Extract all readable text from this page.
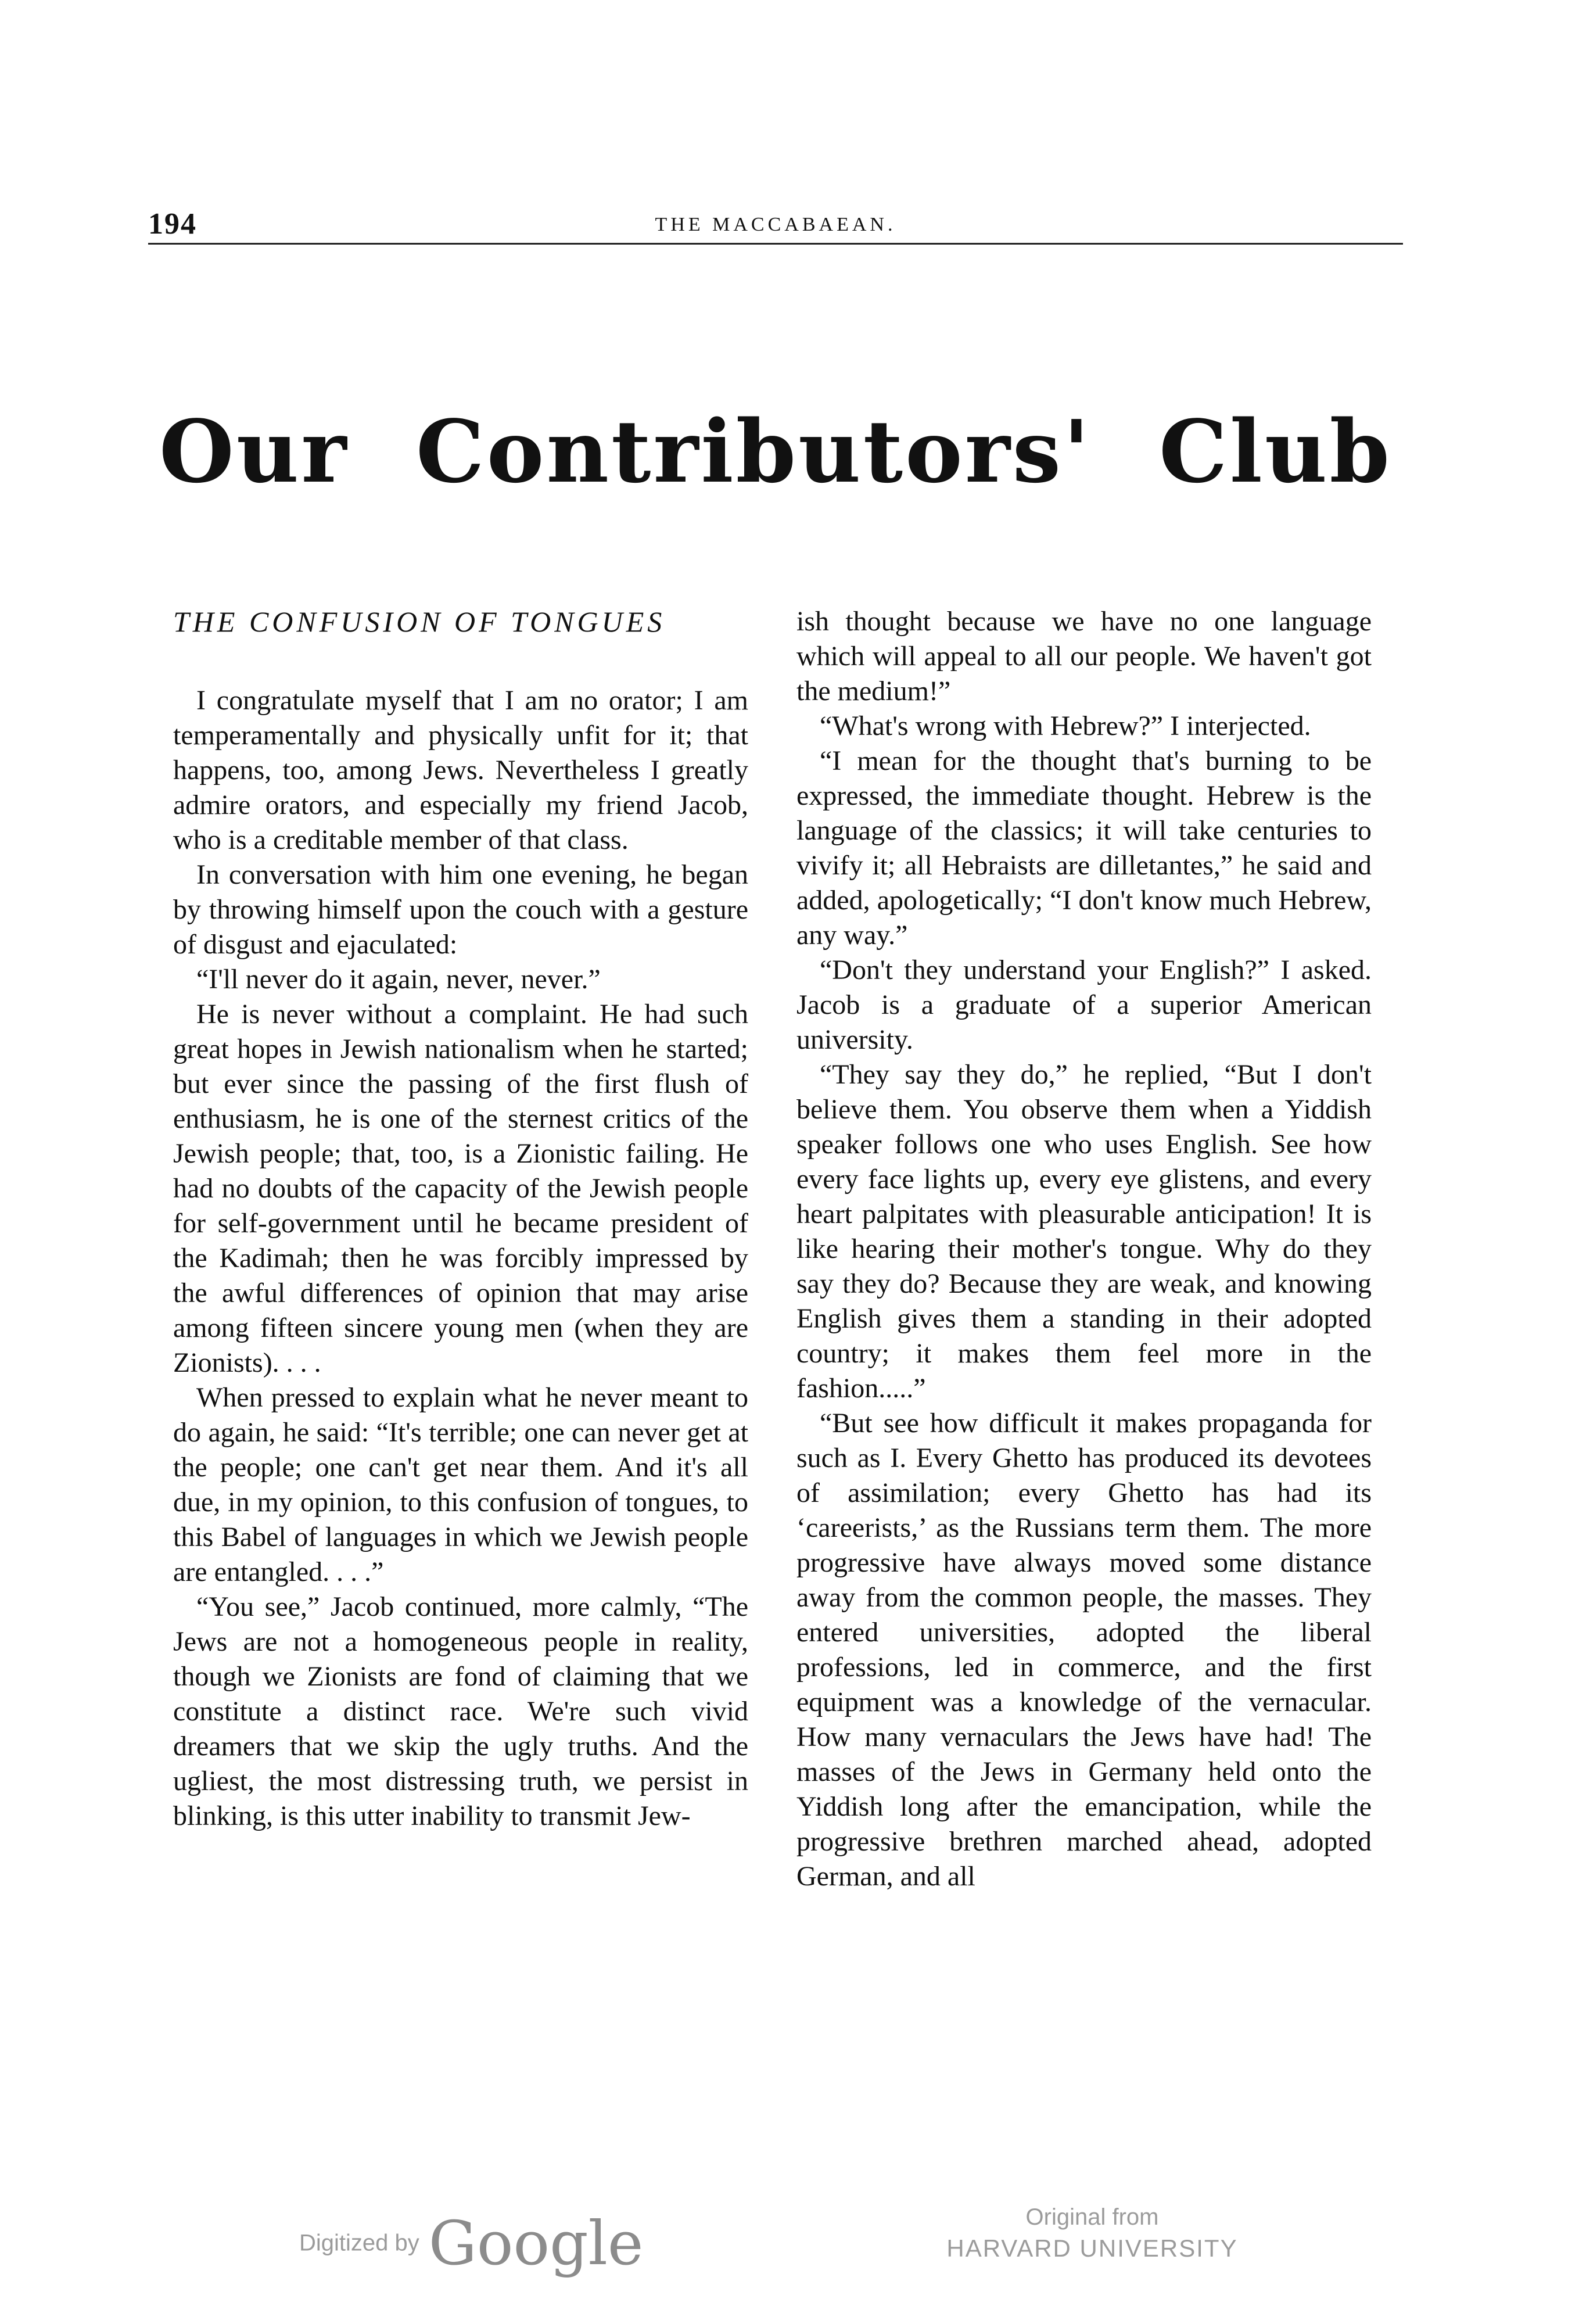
194	THE MACCABAEAN.
Our Contributors' Club
THE CONFUSION OF TONGUES

I congratulate myself that I am no orator; I am temperamentally and physically unfit for it; that happens, too, among Jews. Nevertheless I greatly admire orators, and especially my friend Jacob, who is a creditable member of that class.

In conversation with him one evening, he began by throwing himself upon the couch with a gesture of disgust and ejaculated:

“I'll never do it again, never, never.”

He is never without a complaint. He had such great hopes in Jewish nationalism when he started; but ever since the passing of the first flush of enthusiasm, he is one of the sternest critics of the Jewish people; that, too, is a Zionistic failing. He had no doubts of the capacity of the Jewish people for self-government until he became president of the Kadimah; then he was forcibly impressed by the awful differences of opinion that may arise among fifteen sincere young men (when they are Zionists). . . .

When pressed to explain what he never meant to do again, he said: “It's terrible; one can never get at the people; one can't get near them. And it's all due, in my opinion, to this confusion of tongues, to this Babel of languages in which we Jewish people are entangled. . . .”

“You see,” Jacob continued, more calmly, “The Jews are not a homogeneous people in reality, though we Zionists are fond of claiming that we constitute a distinct race. We're such vivid dreamers that we skip the ugly truths. And the ugliest, the most distressing truth, we persist in blinking, is this utter inability to transmit Jew-

ish thought because we have no one language which will appeal to all our people. We haven't got the medium!”

“What's wrong with Hebrew?” I interjected.

“I mean for the thought that's burning to be expressed, the immediate thought. Hebrew is the language of the classics; it will take centuries to vivify it; all Hebraists are dilletantes,” he said and added, apologetically; “I don't know much Hebrew, any way.”

“Don't they understand your English?” I asked. Jacob is a graduate of a superior American university.

“They say they do,” he replied, “But I don't believe them. You observe them when a Yiddish speaker follows one who uses English. See how every face lights up, every eye glistens, and every heart palpitates with pleasurable anticipation! It is like hearing their mother's tongue. Why do they say they do? Because they are weak, and knowing English gives them a standing in their adopted country; it makes them feel more in the fashion.....”

“But see how difficult it makes propaganda for such as I. Every Ghetto has produced its devotees of assimilation; every Ghetto has had its ‘careerists,’ as the Russians term them. The more progressive have always moved some distance away from the common people, the masses. They entered universities, adopted the liberal professions, led in commerce, and the first equipment was a knowledge of the vernacular. How many vernaculars the Jews have had! The masses of the Jews in Germany held onto the Yiddish long after the emancipation, while the progressive brethren marched ahead, adopted German, and all

Digitized by Google	Original from
HARVARD UNIVERSITY
